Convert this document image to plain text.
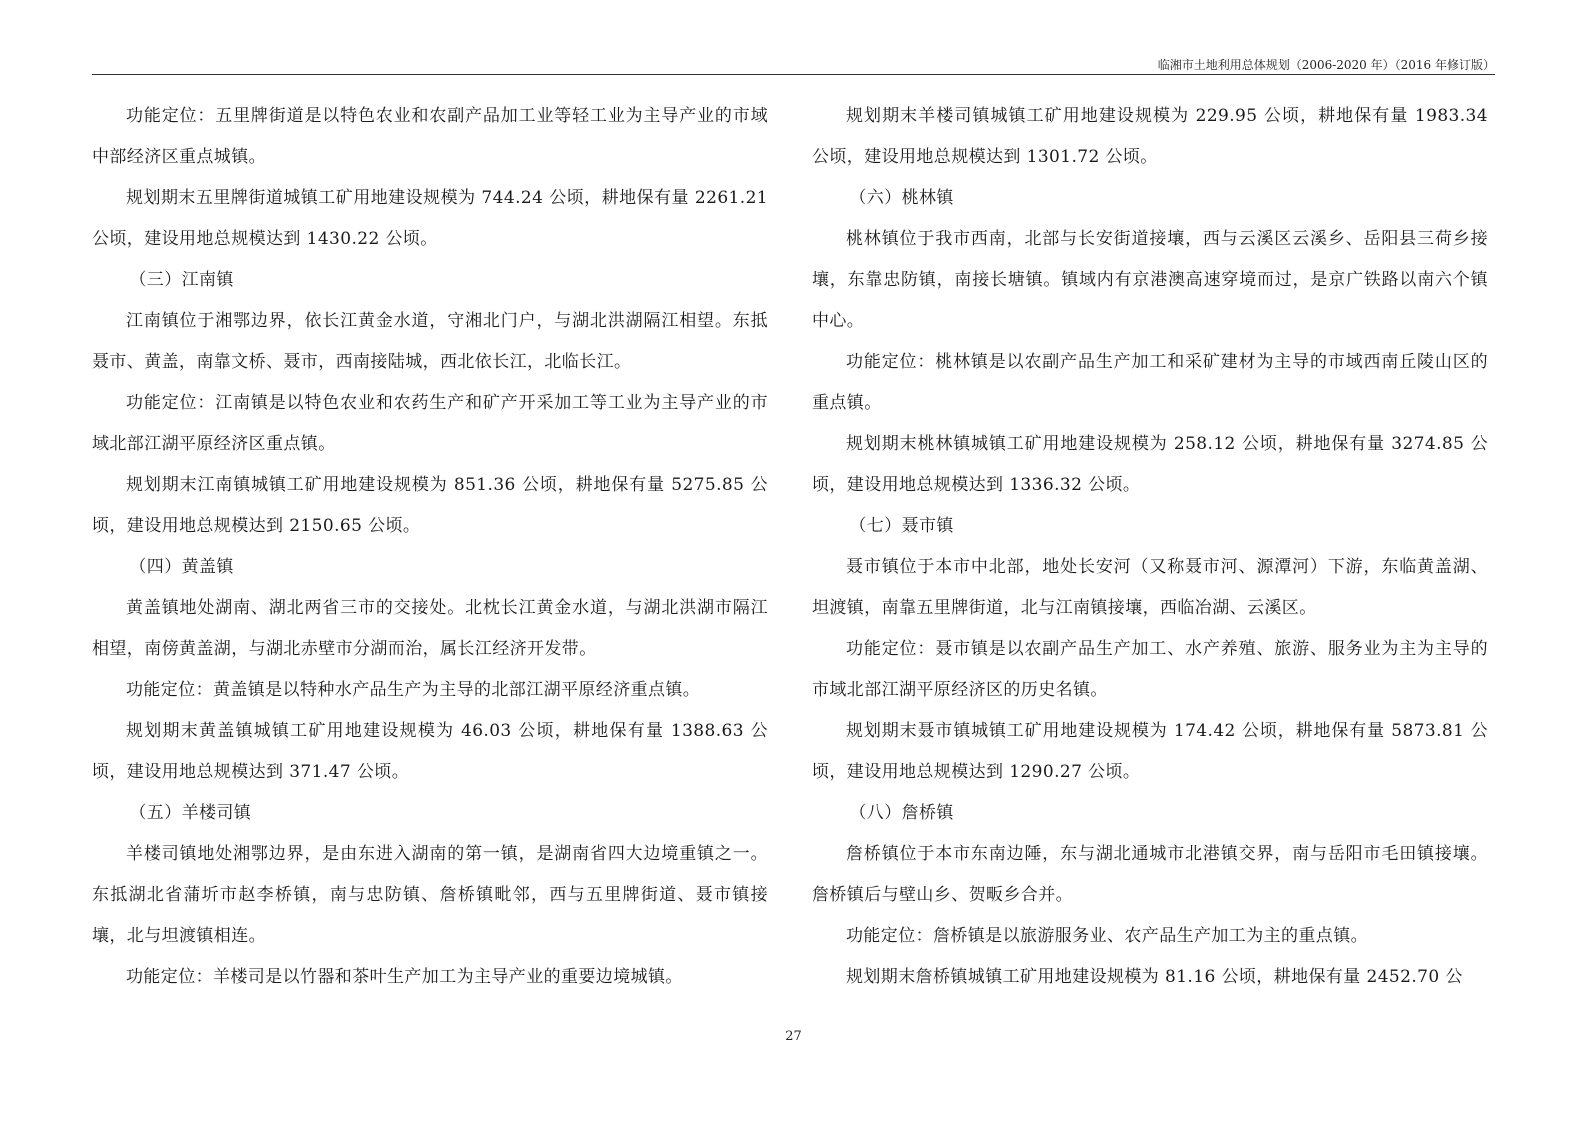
临湘市土地利用总体规划（2006-2020 年）（2016 年修订版）

功能定位：五里牌街道是以特色农业和农副产品加工业等轻工业为主导产业的市域中部经济区重点城镇。

规划期末五里牌街道城镇工矿用地建设规模为 744.24 公顷，耕地保有量 2261.21 公顷，建设用地总规模达到 1430.22 公顷。

（三）江南镇

江南镇位于湘鄂边界，依长江黄金水道，守湘北门户，与湖北洪湖隔江相望。东抵聂市、黄盖，南靠文桥、聂市，西南接陆城，西北依长江，北临长江。

功能定位：江南镇是以特色农业和农药生产和矿产开采加工等工业为主导产业的市域北部江湖平原经济区重点镇。

规划期末江南镇城镇工矿用地建设规模为 851.36 公顷，耕地保有量 5275.85 公顷，建设用地总规模达到 2150.65 公顷。

（四）黄盖镇

黄盖镇地处湖南、湖北两省三市的交接处。北枕长江黄金水道，与湖北洪湖市隔江相望，南傍黄盖湖，与湖北赤壁市分湖而治，属长江经济开发带。

功能定位：黄盖镇是以特种水产品生产为主导的北部江湖平原经济重点镇。

规划期末黄盖镇城镇工矿用地建设规模为 46.03 公顷，耕地保有量 1388.63 公顷，建设用地总规模达到 371.47 公顷。

（五）羊楼司镇

羊楼司镇地处湘鄂边界，是由东进入湖南的第一镇，是湖南省四大边境重镇之一。东抵湖北省蒲圻市赵李桥镇，南与忠防镇、詹桥镇毗邻，西与五里牌街道、聂市镇接壤，北与坦渡镇相连。

功能定位：羊楼司是以竹器和茶叶生产加工为主导产业的重要边境城镇。

规划期末羊楼司镇城镇工矿用地建设规模为 229.95 公顷，耕地保有量 1983.34 公顷，建设用地总规模达到 1301.72 公顷。

（六）桃林镇

桃林镇位于我市西南，北部与长安街道接壤，西与云溪区云溪乡、岳阳县三荷乡接壤，东靠忠防镇，南接长塘镇。镇域内有京港澳高速穿境而过，是京广铁路以南六个镇中心。

功能定位：桃林镇是以农副产品生产加工和采矿建材为主导的市域西南丘陵山区的重点镇。

规划期末桃林镇城镇工矿用地建设规模为 258.12 公顷，耕地保有量 3274.85 公顷，建设用地总规模达到 1336.32 公顷。

（七）聂市镇

聂市镇位于本市中北部，地处长安河（又称聂市河、源潭河）下游，东临黄盖湖、坦渡镇，南靠五里牌街道，北与江南镇接壤，西临冶湖、云溪区。

功能定位：聂市镇是以农副产品生产加工、水产养殖、旅游、服务业为主为主导的市域北部江湖平原经济区的历史名镇。

规划期末聂市镇城镇工矿用地建设规模为 174.42 公顷，耕地保有量 5873.81 公顷，建设用地总规模达到 1290.27 公顷。

（八）詹桥镇

詹桥镇位于本市东南边陲，东与湖北通城市北港镇交界，南与岳阳市毛田镇接壤。詹桥镇后与壁山乡、贺畈乡合并。

功能定位：詹桥镇是以旅游服务业、农产品生产加工为主的重点镇。

规划期末詹桥镇城镇工矿用地建设规模为 81.16 公顷，耕地保有量 2452.70 公

27
